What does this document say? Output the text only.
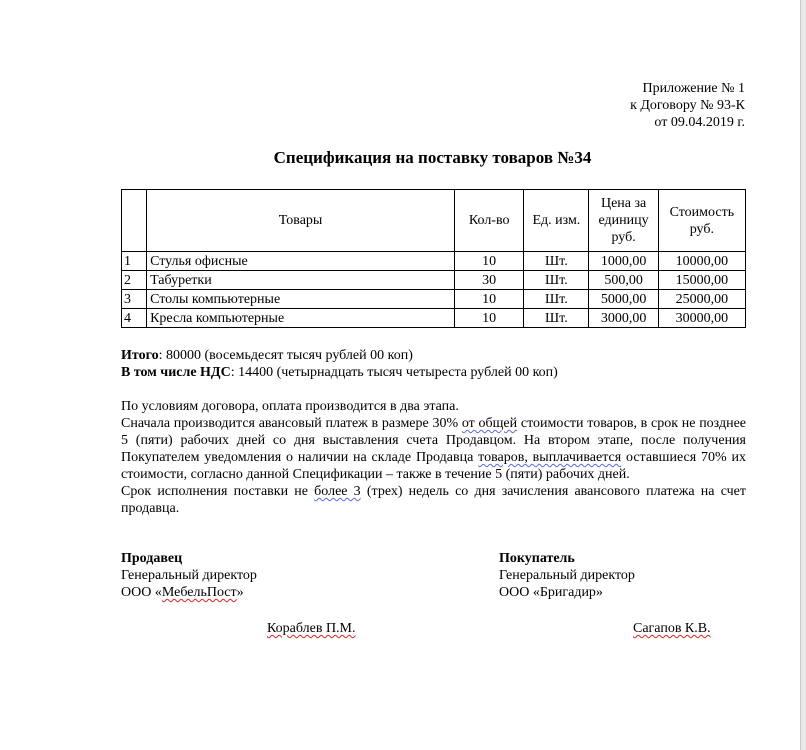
Приложение № 1
к Договору № 93-К
от 09.04.2019 г.
Спецификация на поставку товаров №34
	Товары	Кол-во	Ед. изм.	Цена за единицу руб.	Стоимость руб.
1	Стулья офисные	10	Шт.	1000,00	10000,00
2	Табуретки	30	Шт.	500,00	15000,00
3	Столы компьютерные	10	Шт.	5000,00	25000,00
4	Кресла компьютерные	10	Шт.	3000,00	30000,00
Итого: 80000 (восемьдесят тысяч рублей 00 коп)
В том числе НДС: 14400 (четырнадцать тысяч четыреста рублей 00 коп)

По условиям договора, оплата производится в два этапа.

Сначала производится авансовый платеж в размере 30% от общей стоимости товаров, в срок не позднее 5 (пяти) рабочих дней со дня выставления счета Продавцом. На втором этапе, после получения Покупателем уведомления о наличии на складе Продавца товаров, выплачивается оставшиеся 70% их стоимости, согласно данной Спецификации – также в течение 5 (пяти) рабочих дней.

Срок исполнения поставки не более 3 (трех) недель со дня зачисления авансового платежа на счет продавца.

Продавец
Генеральный директор
ООО «МебельПост»
Покупатель
Генеральный директор
ООО «Бригадир»
Кораблев П.М.	Сагапов К.В.
